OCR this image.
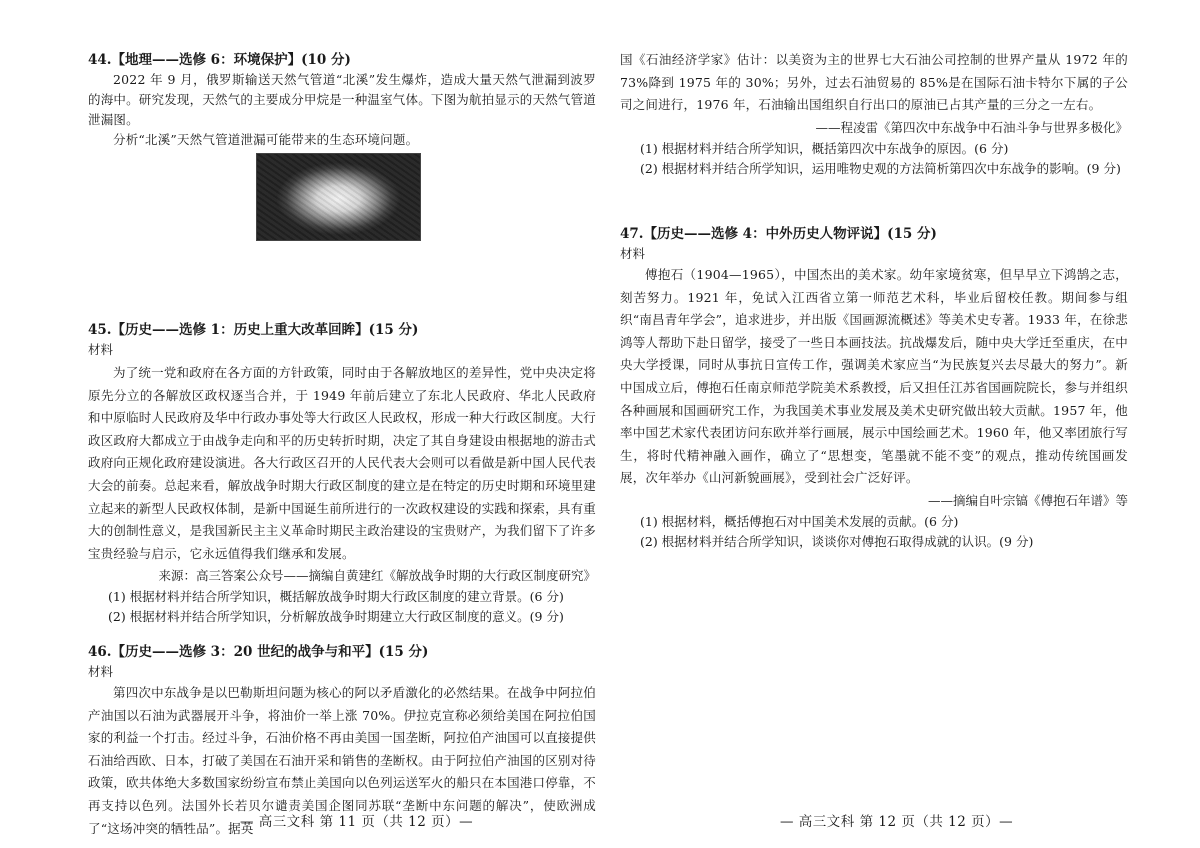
44.【地理——选修 6：环境保护】(10 分)

2022 年 9 月，俄罗斯输送天然气管道“北溪”发生爆炸，造成大量天然气泄漏到波罗的海中。研究发现，天然气的主要成分甲烷是一种温室气体。下图为航拍显示的天然气管道泄漏图。

分析“北溪”天然气管道泄漏可能带来的生态环境问题。

45.【历史——选修 1：历史上重大改革回眸】(15 分)
材料

为了统一党和政府在各方面的方针政策，同时由于各解放地区的差异性，党中央决定将原先分立的各解放区政权逐当合并，于 1949 年前后建立了东北人民政府、华北人民政府和中原临时人民政府及华中行政办事处等大行政区人民政权，形成一种大行政区制度。大行政区政府大都成立于由战争走向和平的历史转折时期，决定了其自身建设由根据地的游击式政府向正规化政府建设演进。各大行政区召开的人民代表大会则可以看做是新中国人民代表大会的前奏。总起来看，解放战争时期大行政区制度的建立是在特定的历史时期和环境里建立起来的新型人民政权体制，是新中国诞生前所进行的一次政权建设的实践和探索，具有重大的创制性意义，是我国新民主主义革命时期民主政治建设的宝贵财产，为我们留下了许多宝贵经验与启示，它永远值得我们继承和发展。

来源：高三答案公众号——摘编自黄建红《解放战争时期的大行政区制度研究》
(1) 根据材料并结合所学知识，概括解放战争时期大行政区制度的建立背景。(6 分)
(2) 根据材料并结合所学知识，分析解放战争时期建立大行政区制度的意义。(9 分)
46.【历史——选修 3：20 世纪的战争与和平】(15 分)
材料

第四次中东战争是以巴勒斯坦问题为核心的阿以矛盾激化的必然结果。在战争中阿拉伯产油国以石油为武器展开斗争，将油价一举上涨 70%。伊拉克宣称必须给美国在阿拉伯国家的利益一个打击。经过斗争，石油价格不再由美国一国垄断，阿拉伯产油国可以直接提供石油给西欧、日本，打破了美国在石油开采和销售的垄断权。由于阿拉伯产油国的区别对待政策，欧共体绝大多数国家纷纷宣布禁止美国向以色列运送军火的船只在本国港口停靠，不再支持以色列。法国外长若贝尔谴责美国企图同苏联“垄断中东问题的解决”，使欧洲成了“这场冲突的牺牲品”。据英

— 高三文科 第 11 页（共 12 页）—

国《石油经济学家》估计：以美资为主的世界七大石油公司控制的世界产量从 1972 年的 73%降到 1975 年的 30%；另外，过去石油贸易的 85%是在国际石油卡特尔下属的子公司之间进行，1976 年，石油输出国组织自行出口的原油已占其产量的三分之一左右。

——程凌雷《第四次中东战争中石油斗争与世界多极化》
(1) 根据材料并结合所学知识，概括第四次中东战争的原因。(6 分)
(2) 根据材料并结合所学知识，运用唯物史观的方法简析第四次中东战争的影响。(9 分)
47.【历史——选修 4：中外历史人物评说】(15 分)
材料

傅抱石（1904—1965），中国杰出的美术家。幼年家境贫寒，但早早立下鸿鹄之志，刻苦努力。1921 年，免试入江西省立第一师范艺术科，毕业后留校任教。期间参与组织“南昌青年学会”，追求进步，并出版《国画源流概述》等美术史专著。1933 年，在徐悲鸿等人帮助下赴日留学，接受了一些日本画技法。抗战爆发后，随中央大学迁至重庆，在中央大学授课，同时从事抗日宣传工作，强调美术家应当“为民族复兴去尽最大的努力”。新中国成立后，傅抱石任南京师范学院美术系教授，后又担任江苏省国画院院长，参与并组织各种画展和国画研究工作，为我国美术事业发展及美术史研究做出较大贡献。1957 年，他率中国艺术家代表团访问东欧并举行画展，展示中国绘画艺术。1960 年，他又率团旅行写生，将时代精神融入画作，确立了“思想变，笔墨就不能不变”的观点，推动传统国画发展，次年举办《山河新貌画展》，受到社会广泛好评。

——摘编自叶宗镐《傅抱石年谱》等
(1) 根据材料，概括傅抱石对中国美术发展的贡献。(6 分)
(2) 根据材料并结合所学知识，谈谈你对傅抱石取得成就的认识。(9 分)
— 高三文科 第 12 页（共 12 页）—
